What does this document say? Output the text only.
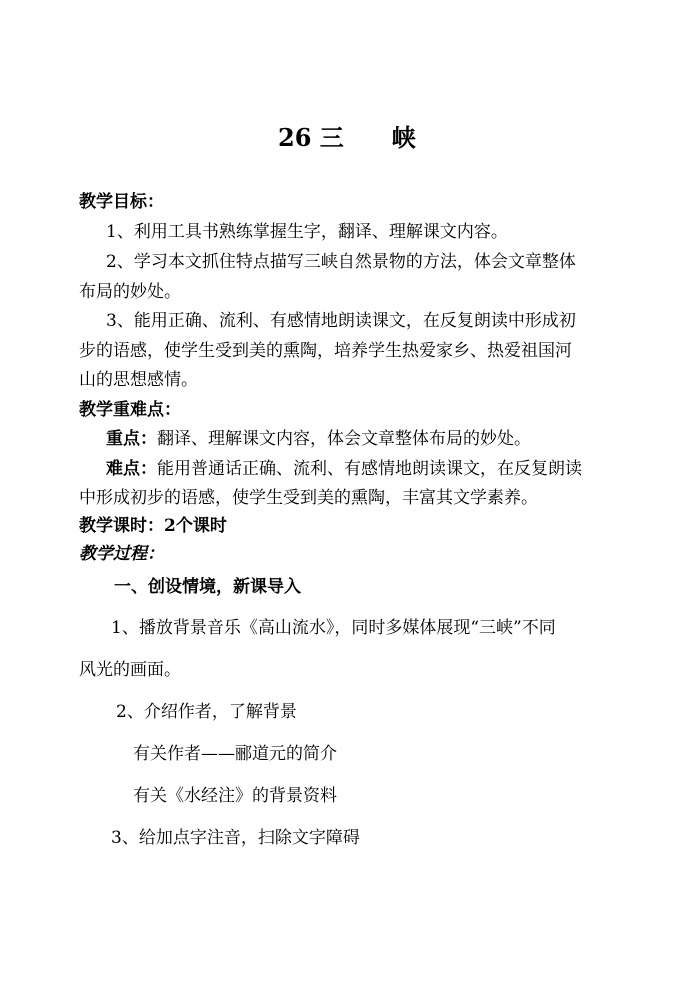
26 三　　峡
教学目标：
1、利用工具书熟练掌握生字，翻译、理解课文内容。
2、学习本文抓住特点描写三峡自然景物的方法，体会文章整体
布局的妙处。
3、能用正确、流利、有感情地朗读课文，在反复朗读中形成初
步的语感，使学生受到美的熏陶，培养学生热爱家乡、热爱祖国河
山的思想感情。
教学重难点：
重点：翻译、理解课文内容，体会文章整体布局的妙处。
难点：能用普通话正确、流利、有感情地朗读课文，在反复朗读
中形成初步的语感，使学生受到美的熏陶，丰富其文学素养。
教学课时：2个课时
教学过程：
一、创设情境，新课导入
1、播放背景音乐《高山流水》，同时多媒体展现“三峡”不同
风光的画面。
2、介绍作者，了解背景
有关作者——郦道元的简介
有关《水经注》的背景资料
3、给加点字注音，扫除文字障碍
